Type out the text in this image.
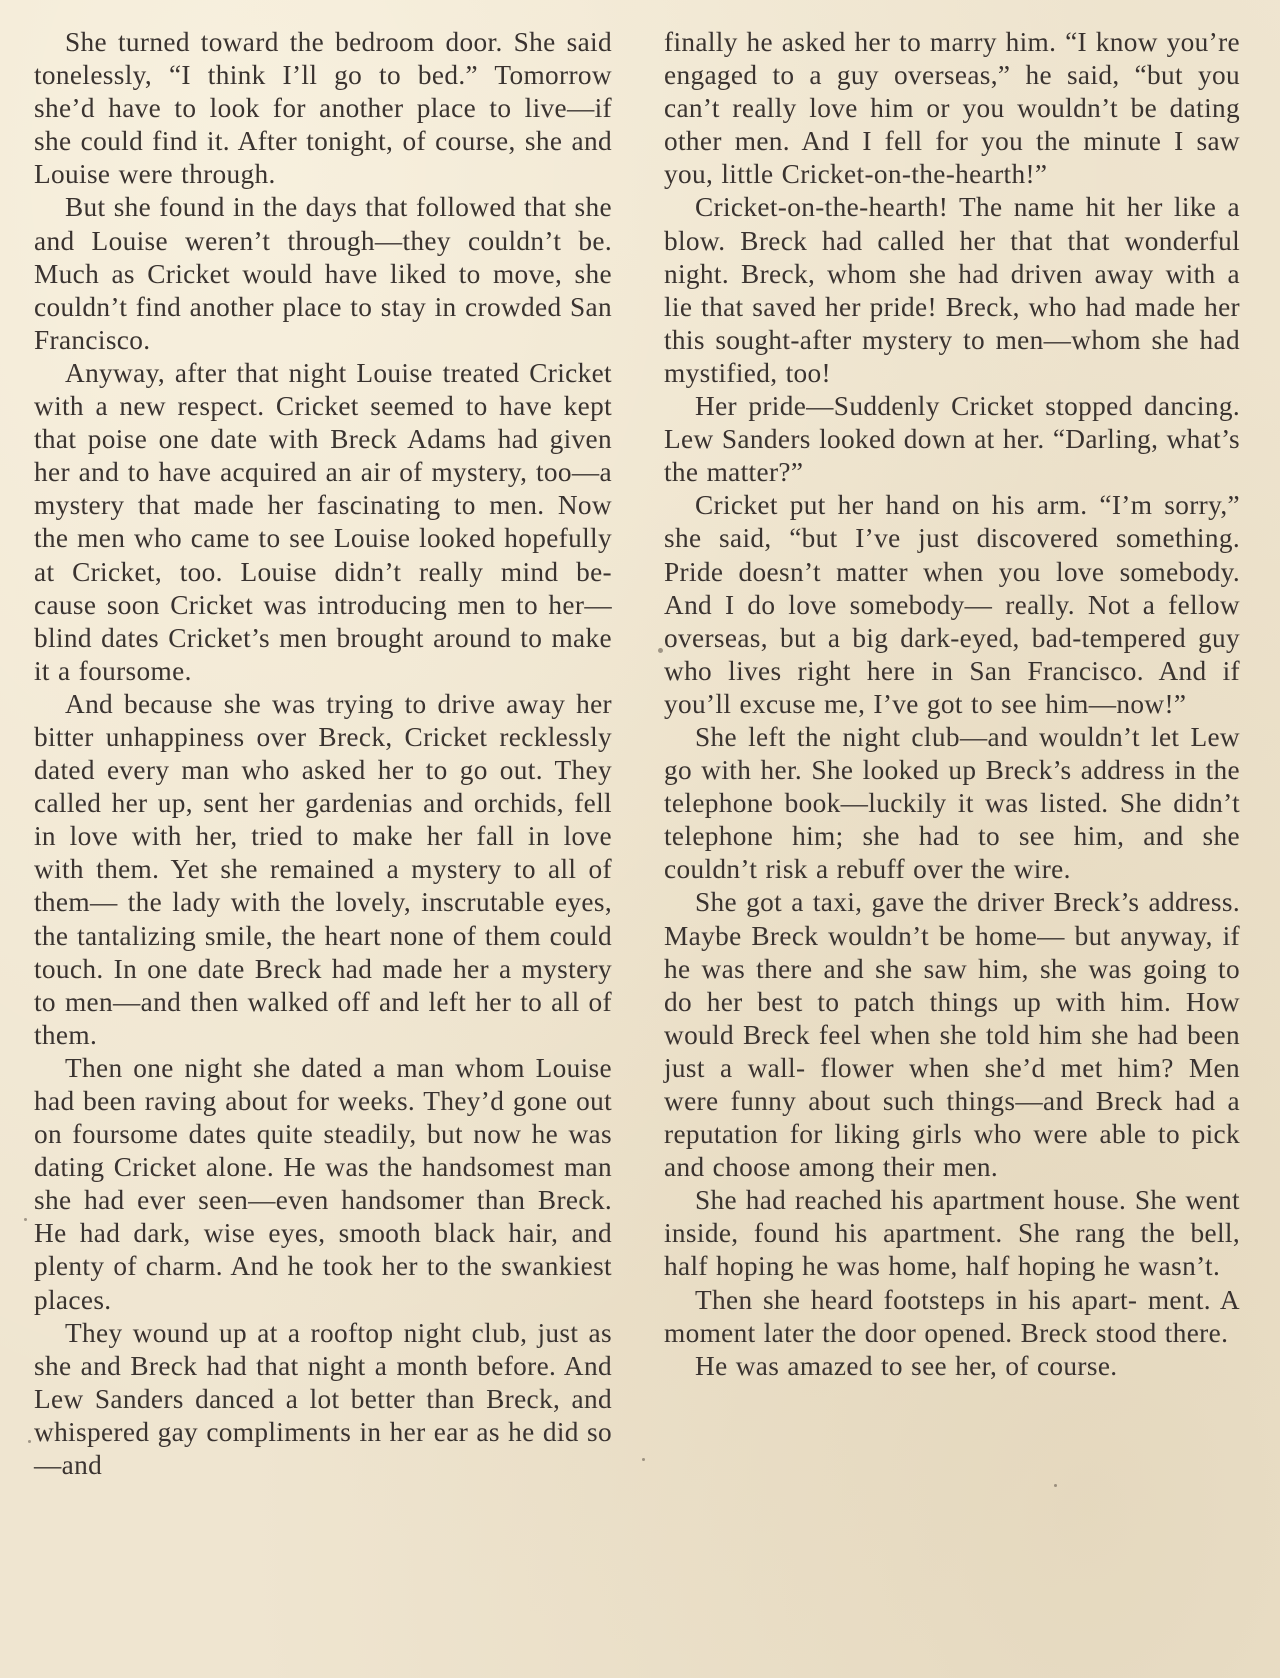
She turned toward the bedroom door. She said tonelessly, “I think I’ll go to bed.” Tomorrow she’d have to look for another place to live—if she could find it. After tonight, of course, she and Louise were through.

But she found in the days that followed that she and Louise weren’t through—they couldn’t be. Much as Cricket would have liked to move, she couldn’t find another place to stay in crowded San Francisco.

Anyway, after that night Louise treated Cricket with a new respect. Cricket seemed to have kept that poise one date with Breck Adams had given her and to have acquired an air of mystery, too—a mystery that made her fascinating to men. Now the men who came to see Louise looked hopefully at Cricket, too. Louise didn’t really mind be- cause soon Cricket was introducing men to her—blind dates Cricket’s men brought around to make it a foursome.

And because she was trying to drive away her bitter unhappiness over Breck, Cricket recklessly dated every man who asked her to go out. They called her up, sent her gardenias and orchids, fell in love with her, tried to make her fall in love with them. Yet she remained a mystery to all of them— the lady with the lovely, inscrutable eyes, the tantalizing smile, the heart none of them could touch. In one date Breck had made her a mystery to men—and then walked off and left her to all of them.

Then one night she dated a man whom Louise had been raving about for weeks. They’d gone out on foursome dates quite steadily, but now he was dating Cricket alone. He was the handsomest man she had ever seen—even handsomer than Breck. He had dark, wise eyes, smooth black hair, and plenty of charm. And he took her to the swankiest places.

They wound up at a rooftop night club, just as she and Breck had that night a month before. And Lew Sanders danced a lot better than Breck, and whispered gay compliments in her ear as he did so—and

finally he asked her to marry him. “I know you’re engaged to a guy overseas,” he said, “but you can’t really love him or you wouldn’t be dating other men. And I fell for you the minute I saw you, little Cricket-on-the-hearth!”

Cricket-on-the-hearth! The name hit her like a blow. Breck had called her that that wonderful night. Breck, whom she had driven away with a lie that saved her pride! Breck, who had made her this sought-after mystery to men—whom she had mystified, too!

Her pride—Suddenly Cricket stopped dancing. Lew Sanders looked down at her. “Darling, what’s the matter?”

Cricket put her hand on his arm. “I’m sorry,” she said, “but I’ve just discovered something. Pride doesn’t matter when you love somebody. And I do love somebody— really. Not a fellow overseas, but a big dark-eyed, bad-tempered guy who lives right here in San Francisco. And if you’ll excuse me, I’ve got to see him—now!”

She left the night club—and wouldn’t let Lew go with her. She looked up Breck’s address in the telephone book—luckily it was listed. She didn’t telephone him; she had to see him, and she couldn’t risk a rebuff over the wire.

She got a taxi, gave the driver Breck’s address. Maybe Breck wouldn’t be home— but anyway, if he was there and she saw him, she was going to do her best to patch things up with him. How would Breck feel when she told him she had been just a wall- flower when she’d met him? Men were funny about such things—and Breck had a reputation for liking girls who were able to pick and choose among their men.

She had reached his apartment house. She went inside, found his apartment. She rang the bell, half hoping he was home, half hoping he wasn’t.

Then she heard footsteps in his apart- ment. A moment later the door opened. Breck stood there.

He was amazed to see her, of course.
